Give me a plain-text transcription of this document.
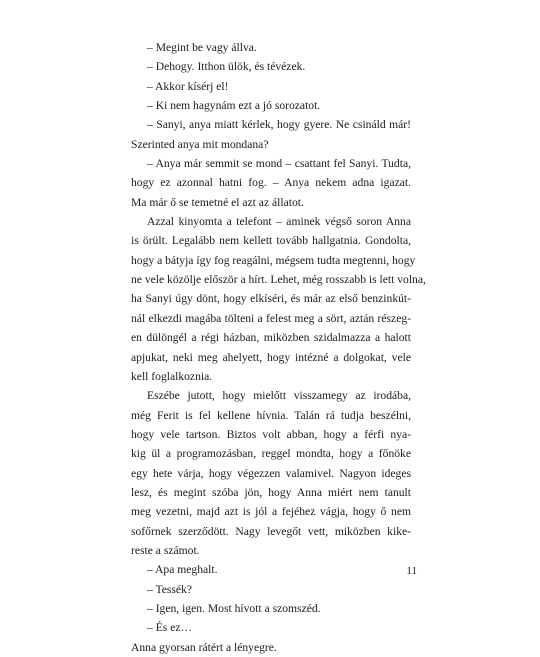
– Megint be vagy állva.
– Dehogy. Itthon ülök, és tévézek.
– Akkor kísérj el!
– Ki nem hagynám ezt a jó sorozatot.
– Sanyi, anya miatt kérlek, hogy gyere. Ne csináld már!
Szerinted anya mit mondana?
– Anya már semmit se mond – csattant fel Sanyi. Tudta,
hogy ez azonnal hatni fog. – Anya nekem adna igazat.
Ma már ő se temetné el azt az állatot.
Azzal kinyomta a telefont – aminek végső soron Anna
is örült. Legalább nem kellett tovább hallgatnia. Gondolta,
hogy a bátyja így fog reagálni, mégsem tudta megtenni, hogy
ne vele közölje először a hírt. Lehet, még rosszabb is lett volna,
ha Sanyi úgy dönt, hogy elkíséri, és már az első benzinkút-
nál elkezdi magába tölteni a felest meg a sört, aztán részeg-
en dülöngél a régi házban, miközben szidalmazza a halott
apjukat, neki meg ahelyett, hogy intézné a dolgokat, vele
kell foglalkoznia.
Eszébe jutott, hogy mielőtt visszamegy az irodába,
még Ferit is fel kellene hívnia. Talán rá tudja beszélni,
hogy vele tartson. Biztos volt abban, hogy a férfi nya-
kig ül a programozásban, reggel mondta, hogy a főnöke
egy hete várja, hogy végezzen valamivel. Nagyon ideges
lesz, és megint szóba jön, hogy Anna miért nem tanult
meg vezetni, majd azt is jól a fejéhez vágja, hogy ő nem
sofőrnek szerződött. Nagy levegőt vett, miközben kike-
reste a számot.
– Apa meghalt.
– Tessék?
– Igen, igen. Most hívott a szomszéd.
– És ez…
Anna gyorsan rátért a lényegre.
11
